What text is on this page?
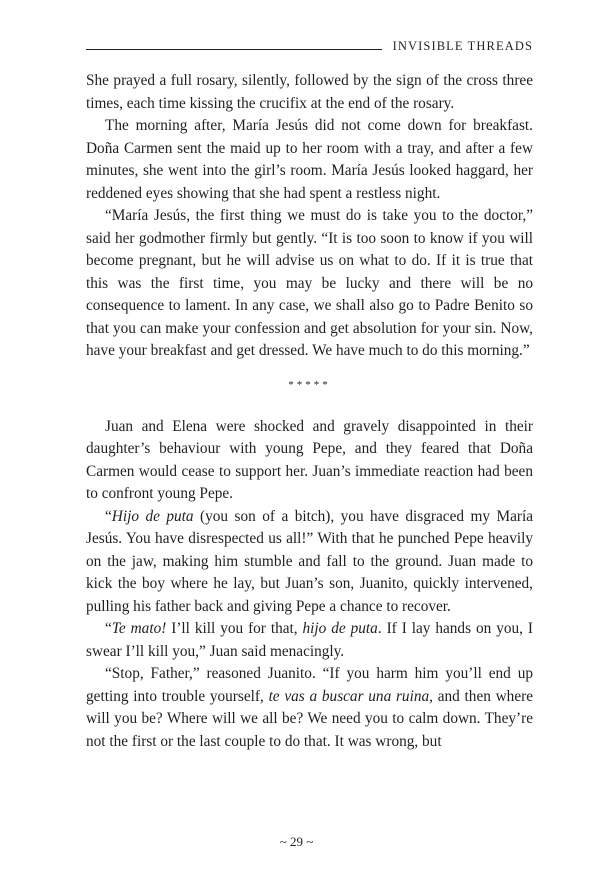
INVISIBLE THREADS

She prayed a full rosary, silently, followed by the sign of the cross three times, each time kissing the crucifix at the end of the rosary.

The morning after, María Jesús did not come down for breakfast. Doña Carmen sent the maid up to her room with a tray, and after a few minutes, she went into the girl’s room. María Jesús looked haggard, her reddened eyes showing that she had spent a restless night.

“María Jesús, the first thing we must do is take you to the doctor,” said her godmother firmly but gently. “It is too soon to know if you will become pregnant, but he will advise us on what to do. If it is true that this was the first time, you may be lucky and there will be no consequence to lament. In any case, we shall also go to Padre Benito so that you can make your confession and get absolution for your sin. Now, have your breakfast and get dressed. We have much to do this morning.”

*****

Juan and Elena were shocked and gravely disappointed in their daughter’s behaviour with young Pepe, and they feared that Doña Carmen would cease to support her. Juan’s immediate reaction had been to confront young Pepe.

“Hijo de puta (you son of a bitch), you have disgraced my María Jesús. You have disrespected us all!” With that he punched Pepe heavily on the jaw, making him stumble and fall to the ground. Juan made to kick the boy where he lay, but Juan’s son, Juanito, quickly intervened, pulling his father back and giving Pepe a chance to recover.

“Te mato! I’ll kill you for that, hijo de puta. If I lay hands on you, I swear I’ll kill you,” Juan said menacingly.

“Stop, Father,” reasoned Juanito. “If you harm him you’ll end up getting into trouble yourself, te vas a buscar una ruina, and then where will you be? Where will we all be? We need you to calm down. They’re not the first or the last couple to do that. It was wrong, but

~ 29 ~
